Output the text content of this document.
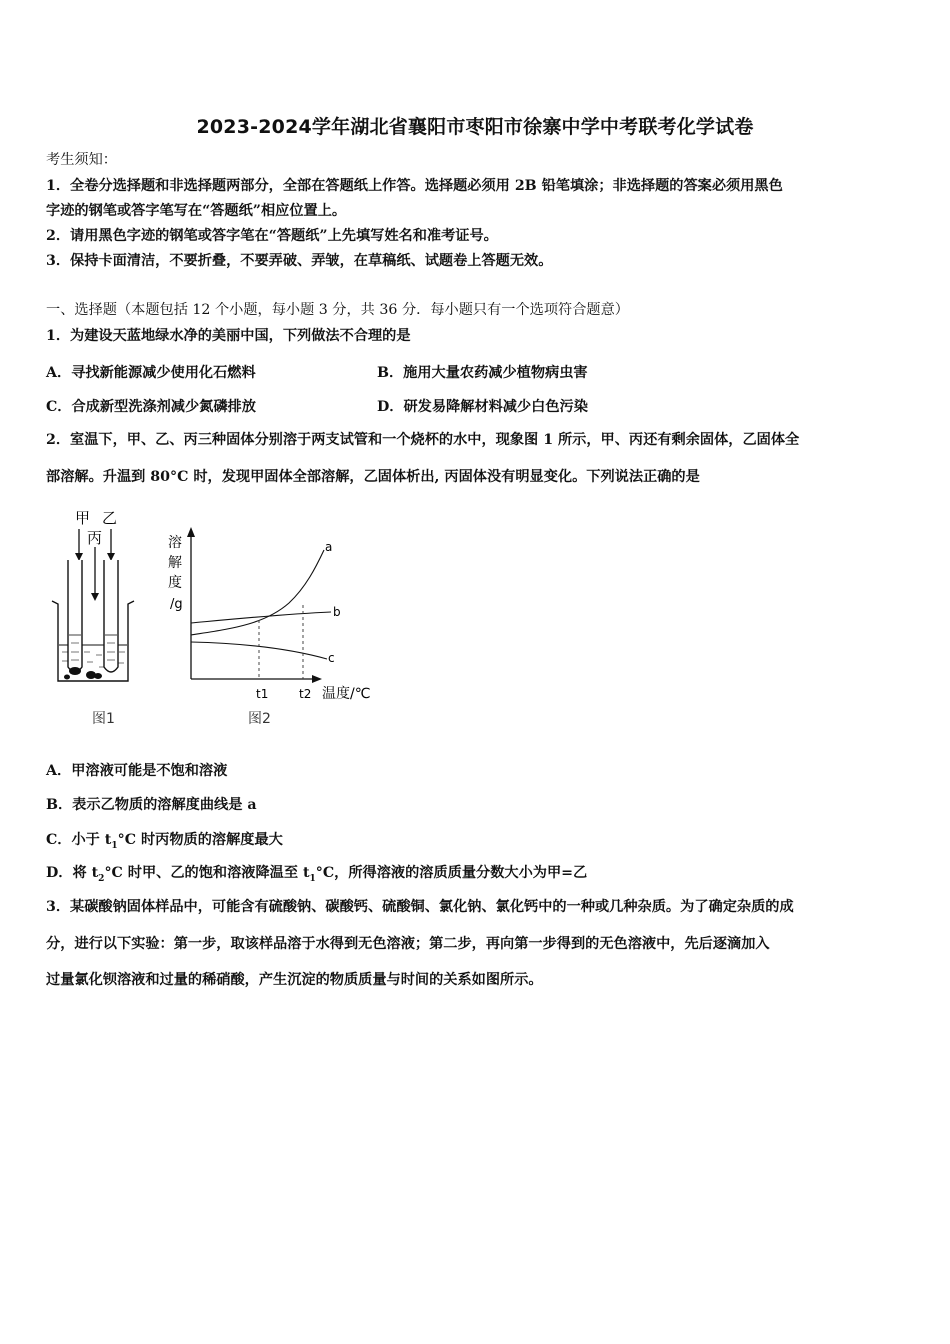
2023-2024学年湖北省襄阳市枣阳市徐寨中学中考联考化学试卷
考生须知：
1．全卷分选择题和非选择题两部分，全部在答题纸上作答。选择题必须用 2B 铅笔填涂；非选择题的答案必须用黑色
字迹的钢笔或答字笔写在“答题纸”相应位置上。
2．请用黑色字迹的钢笔或答字笔在“答题纸”上先填写姓名和准考证号。
3．保持卡面清洁，不要折叠，不要弄破、弄皱，在草稿纸、试题卷上答题无效。
一、选择题（本题包括 12 个小题，每小题 3 分，共 36 分．每小题只有一个选项符合题意）
1．为建设天蓝地绿水净的美丽中国，下列做法不合理的是
A．寻找新能源减少使用化石燃料	B．施用大量农药减少植物病虫害
C．合成新型洗涤剂减少氮磷排放	D．研发易降解材料减少白色污染
2．室温下，甲、乙、丙三种固体分别溶于两支试管和一个烧杯的水中，现象图 1 所示，甲、丙还有剩余固体，乙固体全
部溶解。升温到 80°C 时，发现甲固体全部溶解，乙固体析出, 丙固体没有明显变化。下列说法正确的是
甲 乙
丙
图1
溶
解
度
/g
a
b
c
t1	t2 温度/℃
图2
A．甲溶液可能是不饱和溶液
B．表示乙物质的溶解度曲线是 a
C．小于 $t_1^\circ C$ 时丙物质的溶解度最大
D．将 $t_2^\circ C$ 时甲、乙的饱和溶液降温至 $t_1^\circ C$，所得溶液的溶质质量分数大小为甲=乙
3．某碳酸钠固体样品中，可能含有硫酸钠、碳酸钙、硫酸铜、氯化钠、氯化钙中的一种或几种杂质。为了确定杂质的成
分，进行以下实验：第一步，取该样品溶于水得到无色溶液；第二步，再向第一步得到的无色溶液中，先后逐滴加入
过量氯化钡溶液和过量的稀硝酸，产生沉淀的物质质量与时间的关系如图所示。
